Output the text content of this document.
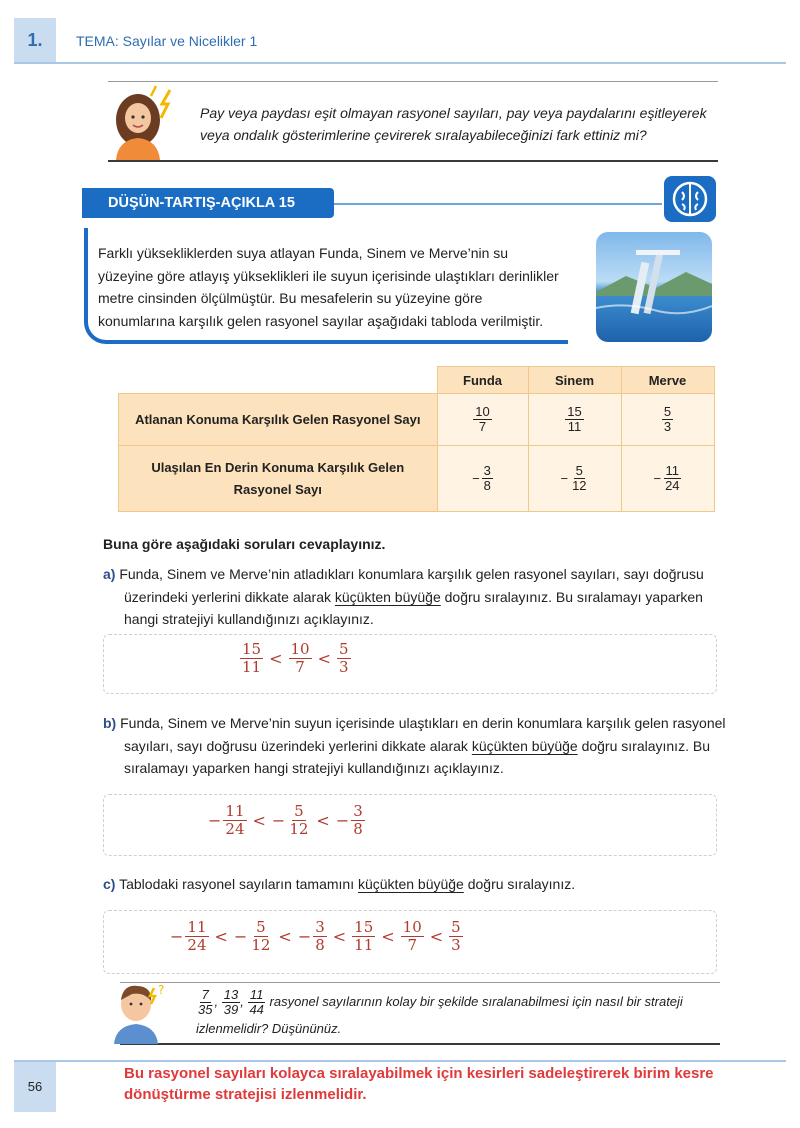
1.	TEMA: Sayılar ve Nicelikler 1
Pay veya paydası eşit olmayan rasyonel sayıları, pay veya paydalarını eşitleyerek veya ondalık gösterimlerine çevirerek sıralayabileceğinizi fark ettiniz mi?
DÜŞÜN-TARTIŞ-AÇIKLA 15
Farklı yüksekliklerden suya atlayan Funda, Sinem ve Merve’nin su yüzeyine göre atlayış yükseklikleri ile suyun içerisinde ulaştıkları derinlikler metre cinsinden ölçülmüştür. Bu mesafelerin su yüzeyine göre konumlarına karşılık gelen rasyonel sayılar aşağıdaki tabloda verilmiştir.
	Funda	Sinem	Merve
Atlanan Konuma Karşılık Gelen Rasyonel Sayı	$\frac{10}{7}$	$\frac{15}{11}$	$\frac{5}{3}$

Ulaşılan En Derin Konuma Karşılık Gelen Rasyonel Sayı	− $\frac{3}{8}$	− $\frac{5}{12}$	− $\frac{11}{24}$
Buna göre aşağıdaki soruları cevaplayınız.
a) Funda, Sinem ve Merve’nin atladıkları konumlara karşılık gelen rasyonel sayıları, sayı doğrusu üzerindeki yerlerini dikkate alarak küçükten büyüğe doğru sıralayınız. Bu sıralamayı yaparken hangi stratejiyi kullandığınızı açıklayınız.
$\frac{15}{11} < \frac{10}{7} < \frac{5}{3}$
b) Funda, Sinem ve Merve’nin suyun içerisinde ulaştıkları en derin konumlara karşılık gelen rasyonel sayıları, sayı doğrusu üzerindeki yerlerini dikkate alarak küçükten büyüğe doğru sıralayınız. Bu sıralamayı yaparken hangi stratejiyi kullandığınızı açıklayınız.
− $\frac{11}{24}$ < − $\frac{5}{12}$ < − $\frac{3}{8}$
c) Tablodaki rasyonel sayıların tamamını küçükten büyüğe doğru sıralayınız.
− $\frac{11}{24}$ < − $\frac{5}{12}$ < − $\frac{3}{8} < \frac{15}{11} < \frac{10}{7} < \frac{5}{3}$
? $\frac{7}{35}$ , $\frac{13}{39}$ , $\frac{11}{44}$ rasyonel sayılarının kolay bir şekilde sıralanabilmesi için nasıl bir strateji
izlenmelidir? Düşününüz.
56
Bu rasyonel sayıları kolayca sıralayabilmek için kesirleri sadeleştirerek birim kesre dönüştürme stratejisi izlenmelidir.
